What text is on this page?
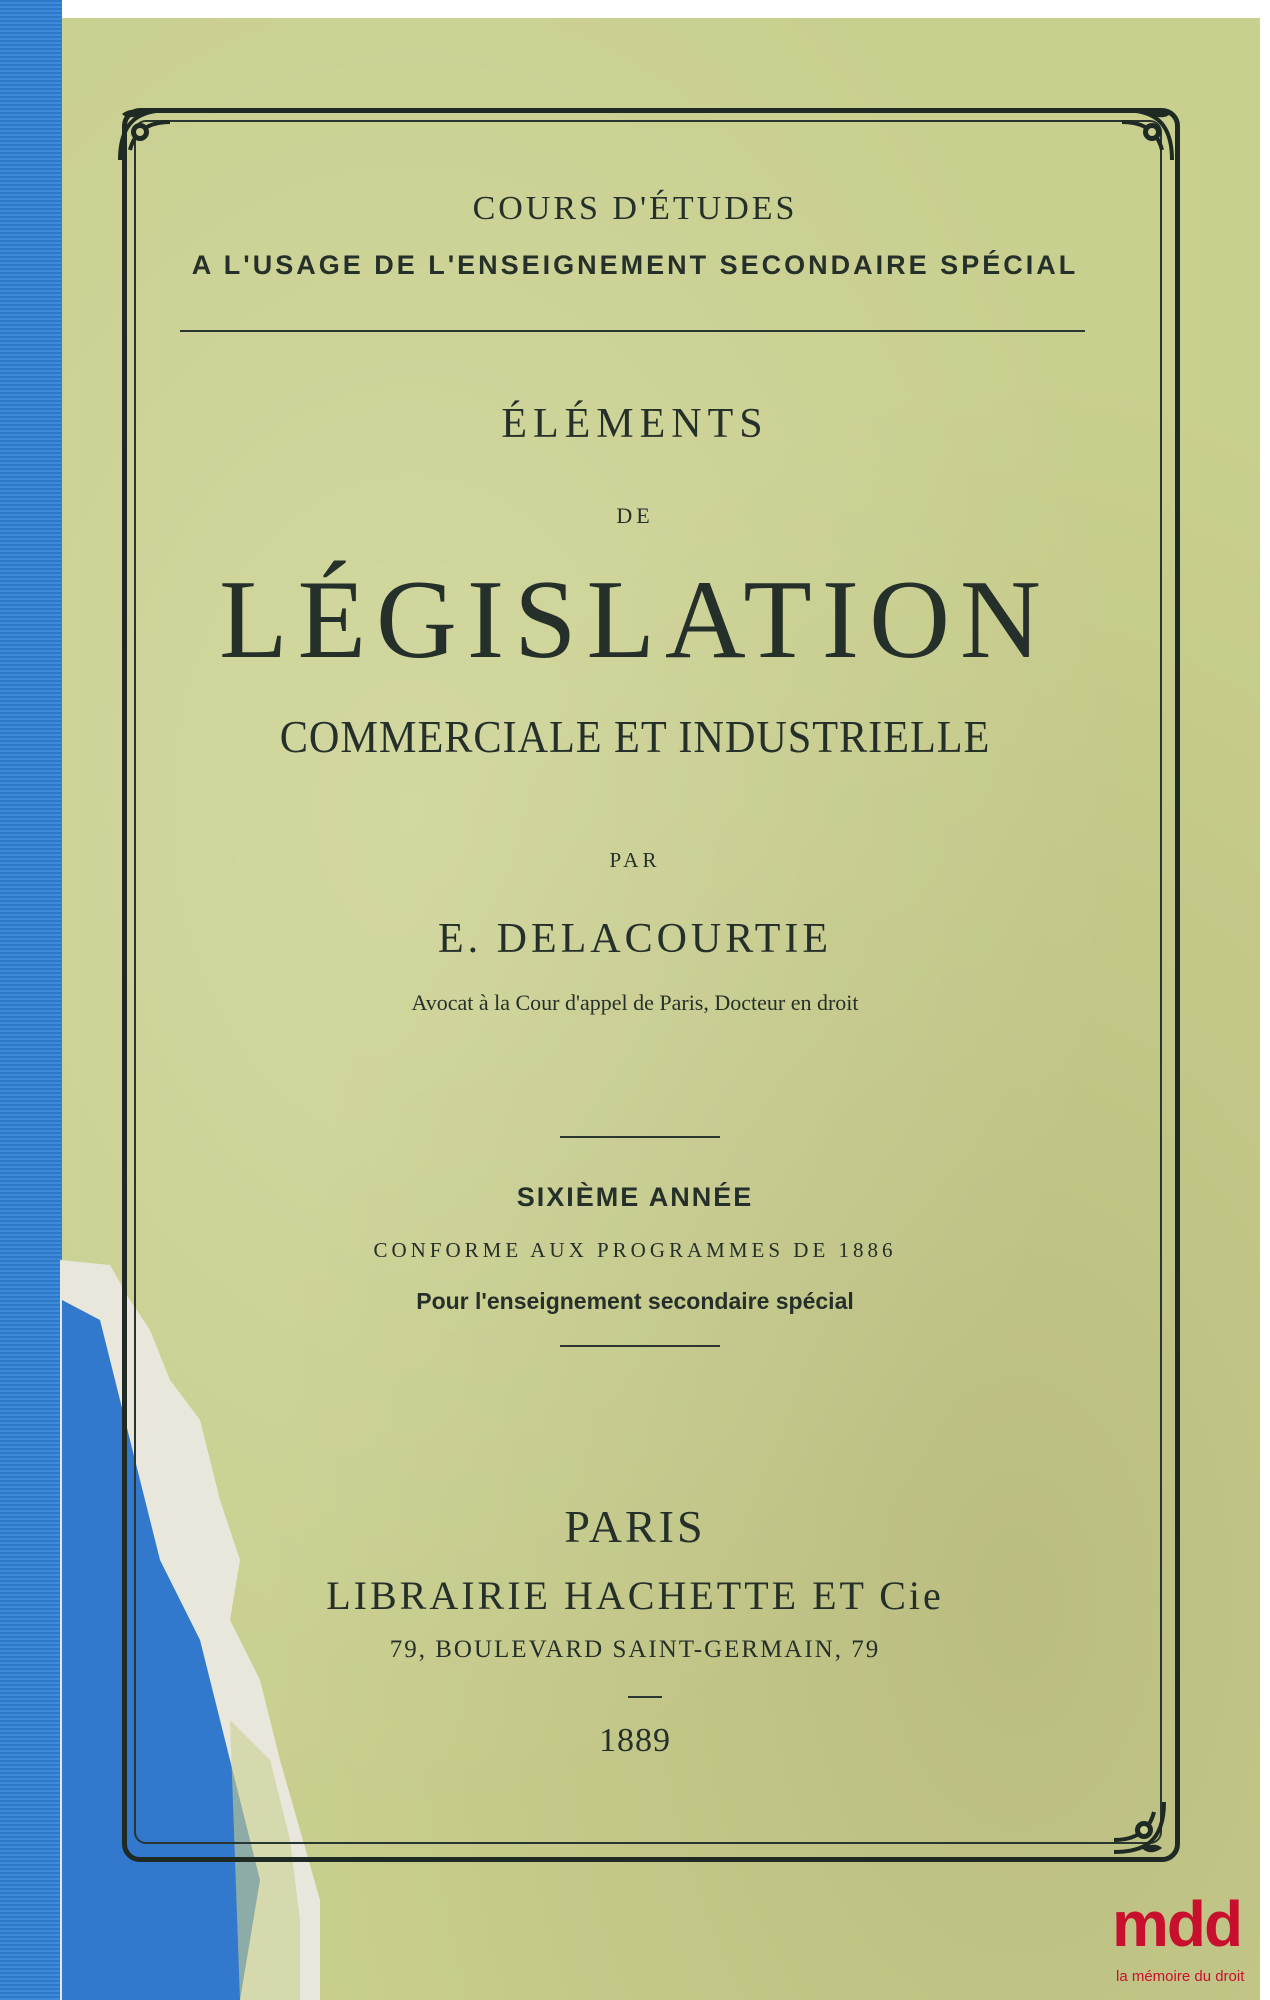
COURS D'ÉTUDES
A L'USAGE DE L'ENSEIGNEMENT SECONDAIRE SPÉCIAL
ÉLÉMENTS
DE
LÉGISLATION
COMMERCIALE ET INDUSTRIELLE
PAR
E. DELACOURTIE
Avocat à la Cour d'appel de Paris, Docteur en droit
SIXIÈME ANNÉE
CONFORME AUX PROGRAMMES DE 1886
Pour l'enseignement secondaire spécial
PARIS
LIBRAIRIE HACHETTE ET Cie
79, BOULEVARD SAINT-GERMAIN, 79
1889
mdd
la mémoire du droit
